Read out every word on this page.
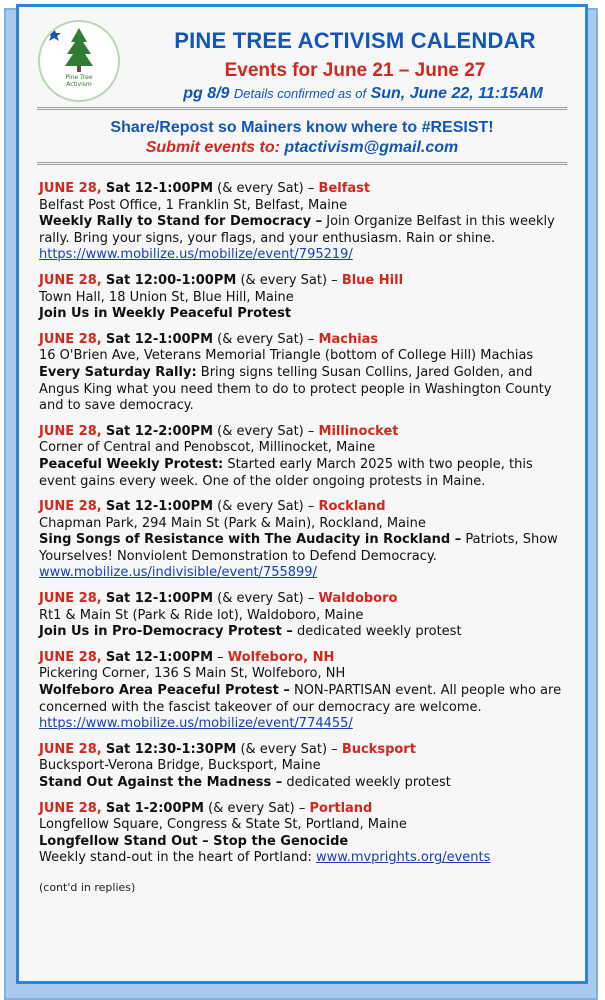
Pine Tree
Activism
PINE TREE ACTIVISM CALENDAR
Events for June 21 – June 27
pg 8/9 Details confirmed as of Sun, June 22, 11:15AM
Share/Repost so Mainers know where to #RESIST!
Submit events to: ptactivism@gmail.com
JUNE 28, Sat 12-1:00PM (& every Sat) – Belfast
Belfast Post Office, 1 Franklin St, Belfast, Maine
Weekly Rally to Stand for Democracy – Join Organize Belfast in this weekly rally. Bring your signs, your flags, and your enthusiasm. Rain or shine. https://www.mobilize.us/mobilize/event/795219/
JUNE 28, Sat 12:00-1:00PM (& every Sat) – Blue Hill
Town Hall, 18 Union St, Blue Hill, Maine
Join Us in Weekly Peaceful Protest
JUNE 28, Sat 12-1:00PM (& every Sat) – Machias
16 O'Brien Ave, Veterans Memorial Triangle (bottom of College Hill) Machias
Every Saturday Rally: Bring signs telling Susan Collins, Jared Golden, and Angus King what you need them to do to protect people in Washington County and to save democracy.
JUNE 28, Sat 12-2:00PM (& every Sat) – Millinocket
Corner of Central and Penobscot, Millinocket, Maine
Peaceful Weekly Protest: Started early March 2025 with two people, this event gains every week. One of the older ongoing protests in Maine.
JUNE 28, Sat 12-1:00PM (& every Sat) – Rockland
Chapman Park, 294 Main St (Park & Main), Rockland, Maine
Sing Songs of Resistance with The Audacity in Rockland – Patriots, Show Yourselves! Nonviolent Demonstration to Defend Democracy. www.mobilize.us/indivisible/event/755899/
JUNE 28, Sat 12-1:00PM (& every Sat) – Waldoboro
Rt1 & Main St (Park & Ride lot), Waldoboro, Maine
Join Us in Pro-Democracy Protest – dedicated weekly protest
JUNE 28, Sat 12-1:00PM – Wolfeboro, NH
Pickering Corner, 136 S Main St, Wolfeboro, NH
Wolfeboro Area Peaceful Protest – NON-PARTISAN event. All people who are concerned with the fascist takeover of our democracy are welcome. https://www.mobilize.us/mobilize/event/774455/
JUNE 28, Sat 12:30-1:30PM (& every Sat) – Bucksport
Bucksport-Verona Bridge, Bucksport, Maine
Stand Out Against the Madness – dedicated weekly protest
JUNE 28, Sat 1-2:00PM (& every Sat) – Portland
Longfellow Square, Congress & State St, Portland, Maine
Longfellow Stand Out – Stop the Genocide
Weekly stand-out in the heart of Portland: www.mvprights.org/events
(cont'd in replies)
